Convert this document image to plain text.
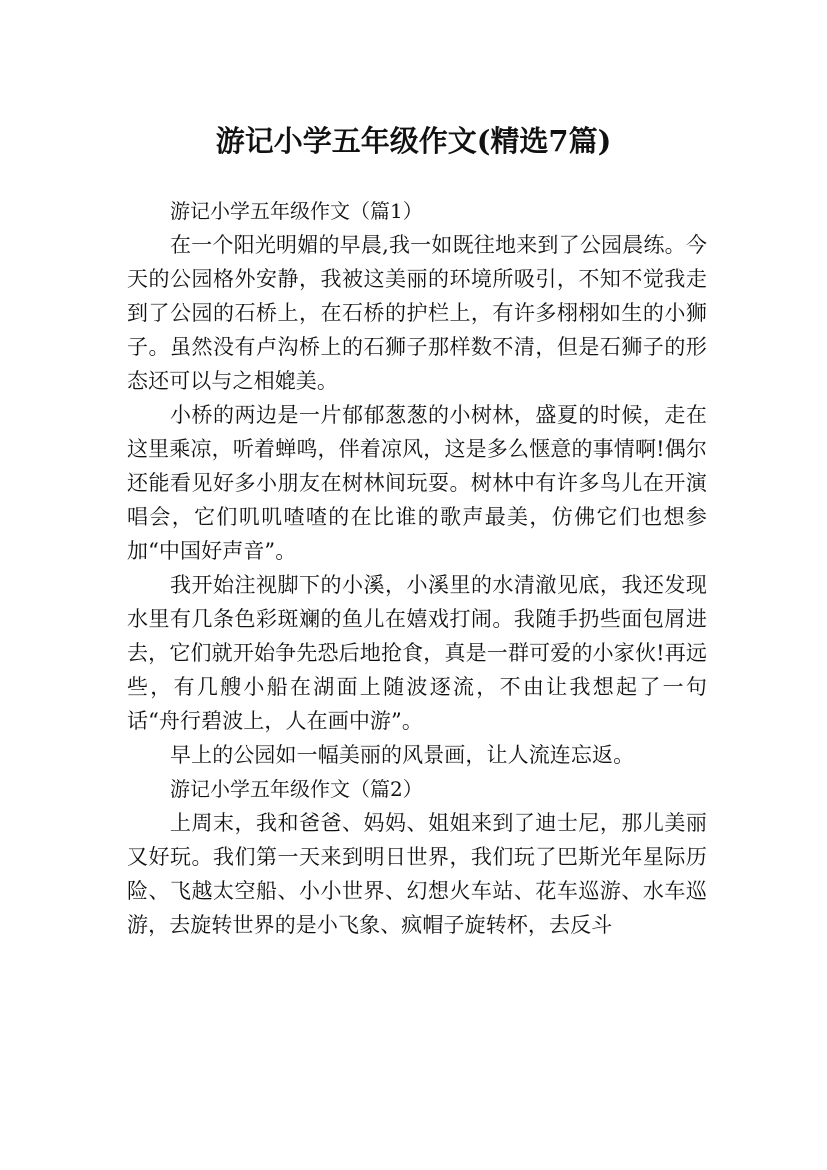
游记小学五年级作文(精选7篇)

游记小学五年级作文（篇1）

在一个阳光明媚的早晨,我一如既往地来到了公园晨练。今天的公园格外安静，我被这美丽的环境所吸引，不知不觉我走到了公园的石桥上，在石桥的护栏上，有许多栩栩如生的小狮子。虽然没有卢沟桥上的石狮子那样数不清，但是石狮子的形态还可以与之相媲美。

小桥的两边是一片郁郁葱葱的小树林，盛夏的时候，走在这里乘凉，听着蝉鸣，伴着凉风，这是多么惬意的事情啊!偶尔还能看见好多小朋友在树林间玩耍。树林中有许多鸟儿在开演唱会，它们叽叽喳喳的在比谁的歌声最美，仿佛它们也想参加“中国好声音”。

我开始注视脚下的小溪，小溪里的水清澈见底，我还发现水里有几条色彩斑斓的鱼儿在嬉戏打闹。我随手扔些面包屑进去，它们就开始争先恐后地抢食，真是一群可爱的小家伙!再远些，有几艘小船在湖面上随波逐流，不由让我想起了一句话“舟行碧波上，人在画中游”。

早上的公园如一幅美丽的风景画，让人流连忘返。

游记小学五年级作文（篇2）

上周末，我和爸爸、妈妈、姐姐来到了迪士尼，那儿美丽又好玩。我们第一天来到明日世界，我们玩了巴斯光年星际历险、飞越太空船、小小世界、幻想火车站、花车巡游、水车巡游，去旋转世界的是小飞象、疯帽子旋转杯，去反斗
